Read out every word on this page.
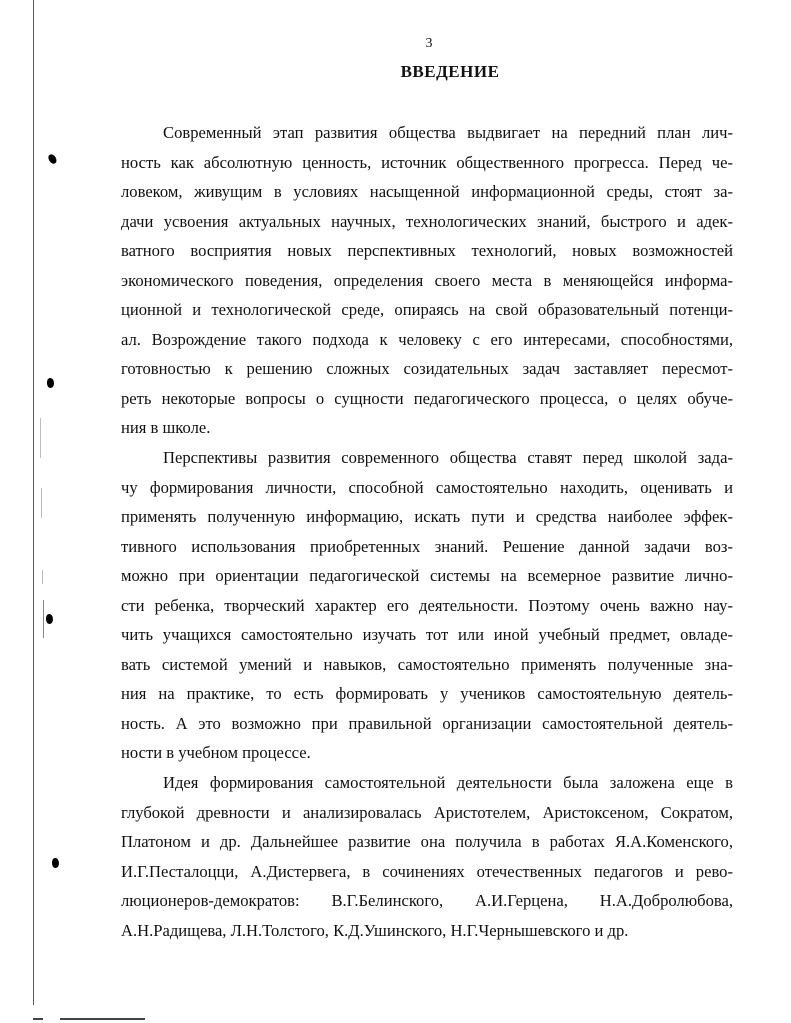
3
ВВЕДЕНИЕ
Современный этап развития общества выдвигает на передний план лич-
ность как абсолютную ценность, источник общественного прогресса. Перед че-
ловеком, живущим в условиях насыщенной информационной среды, стоят за-
дачи усвоения актуальных научных, технологических знаний, быстрого и адек-
ватного восприятия новых перспективных технологий, новых возможностей
экономического поведения, определения своего места в меняющейся информа-
ционной и технологической среде, опираясь на свой образовательный потенци-
ал. Возрождение такого подхода к человеку с его интересами, способностями,
готовностью к решению сложных созидательных задач заставляет пересмот-
реть некоторые вопросы о сущности педагогического процесса, о целях обуче-
ния в школе.
Перспективы развития современного общества ставят перед школой зада-
чу формирования личности, способной самостоятельно находить, оценивать и
применять полученную информацию, искать пути и средства наиболее эффек-
тивного использования приобретенных знаний. Решение данной задачи воз-
можно при ориентации педагогической системы на всемерное развитие лично-
сти ребенка, творческий характер его деятельности. Поэтому очень важно нау-
чить учащихся самостоятельно изучать тот или иной учебный предмет, овладе-
вать системой умений и навыков, самостоятельно применять полученные зна-
ния на практике, то есть формировать у учеников самостоятельную деятель-
ность. А это возможно при правильной организации самостоятельной деятель-
ности в учебном процессе.
Идея формирования самостоятельной деятельности была заложена еще в
глубокой древности и анализировалась Аристотелем, Аристоксеном, Сократом,
Платоном и др. Дальнейшее развитие она получила в работах Я.А.Коменского,
И.Г.Песталоцци, А.Дистервега, в сочинениях отечественных педагогов и рево-
люционеров-демократов: В.Г.Белинского, А.И.Герцена, Н.А.Добролюбова,
А.Н.Радищева, Л.Н.Толстого, К.Д.Ушинского, Н.Г.Чернышевского и др.
